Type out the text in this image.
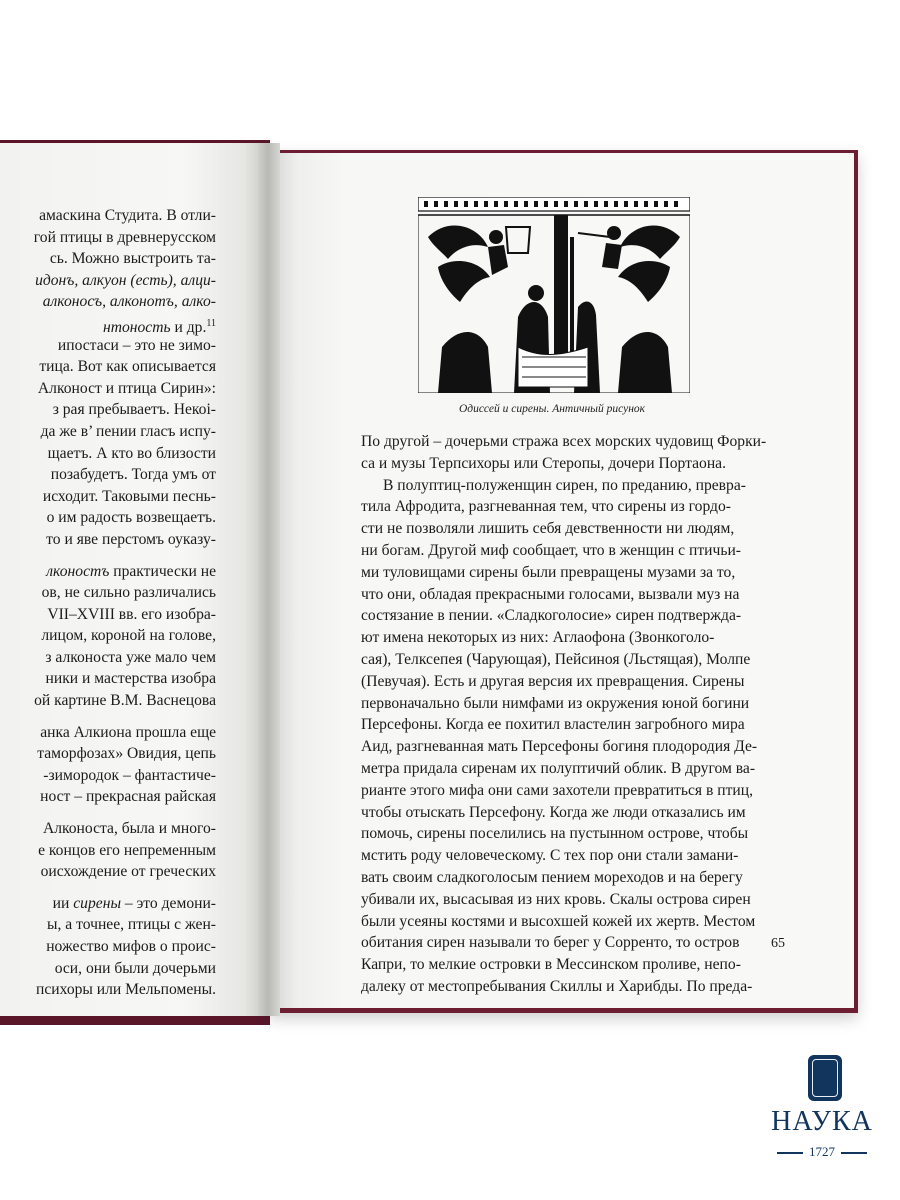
амаскина Студита. В отли-
гой птицы в древнерусском
сь. Можно выстроить та-
идонъ, алкуон (есть), алци-
алконосъ, алконотъ, алко-
нтоность и др.$^{11}$
ипостаси – это не зимо-
тица. Вот как описывается
Алконост и птица Сирин»:
з рая пребываетъ. Некоі-
да же в’ пении гласъ испу-
щаетъ. А кто во близости
позабудетъ. Тогда умъ от
исходит. Таковыми песнь-
о им радость возвещаетъ.
то и яве перстомъ оуказу-
лконостъ практически не
ов, не сильно различались
VII–XVIII вв. его изобра-
лицом, короной на голове,
з алконоста уже мало чем
ники и мастерства изобра
ой картине В.М. Васнецова
анка Алкиона прошла еще
таморфозах» Овидия, цепь
-зимородок – фантастиче-
ност – прекрасная райская
Алконоста, была и много-
е концов его непременным
оисхождение от греческих
ии сирены – это демони-
ы, а точнее, птицы с жен-
ножество мифов о проис-
оси, они были дочерьми
психоры или Мельпомены.
Одиссей и сирены. Античный рисунок
По другой – дочерьми стража всех морских чудовищ Форки-
са и музы Терпсихоры или Стеропы, дочери Портаона.
В полуптиц-полуженщин сирен, по преданию, превра-
тила Афродита, разгневанная тем, что сирены из гордо-
сти не позволяли лишить себя девственности ни людям,
ни богам. Другой миф сообщает, что в женщин с птичьи-
ми туловищами сирены были превращены музами за то,
что они, обладая прекрасными голосами, вызвали муз на
состязание в пении. «Сладкоголосие» сирен подтвержда-
ют имена некоторых из них: Аглаофона (Звонкоголо-
сая), Телксепея (Чарующая), Пейсиноя (Льстящая), Молпе
(Певучая). Есть и другая версия их превращения. Сирены
первоначально были нимфами из окружения юной богини
Персефоны. Когда ее похитил властелин загробного мира
Аид, разгневанная мать Персефоны богиня плодородия Де-
метра придала сиренам их полуптичий облик. В другом ва-
рианте этого мифа они сами захотели превратиться в птиц,
чтобы отыскать Персефону. Когда же люди отказались им
помочь, сирены поселились на пустынном острове, чтобы
мстить роду человеческому. С тех пор они стали замани-
вать своим сладкоголосым пением мореходов и на берегу
убивали их, высасывая из них кровь. Скалы острова сирен
были усеяны костями и высохшей кожей их жертв. Местом
обитания сирен называли то берег у Сорренто, то остров
Капри, то мелкие островки в Мессинском проливе, непо-
далеку от местопребывания Скиллы и Харибды. По преда-
65
НАУКА
1727
